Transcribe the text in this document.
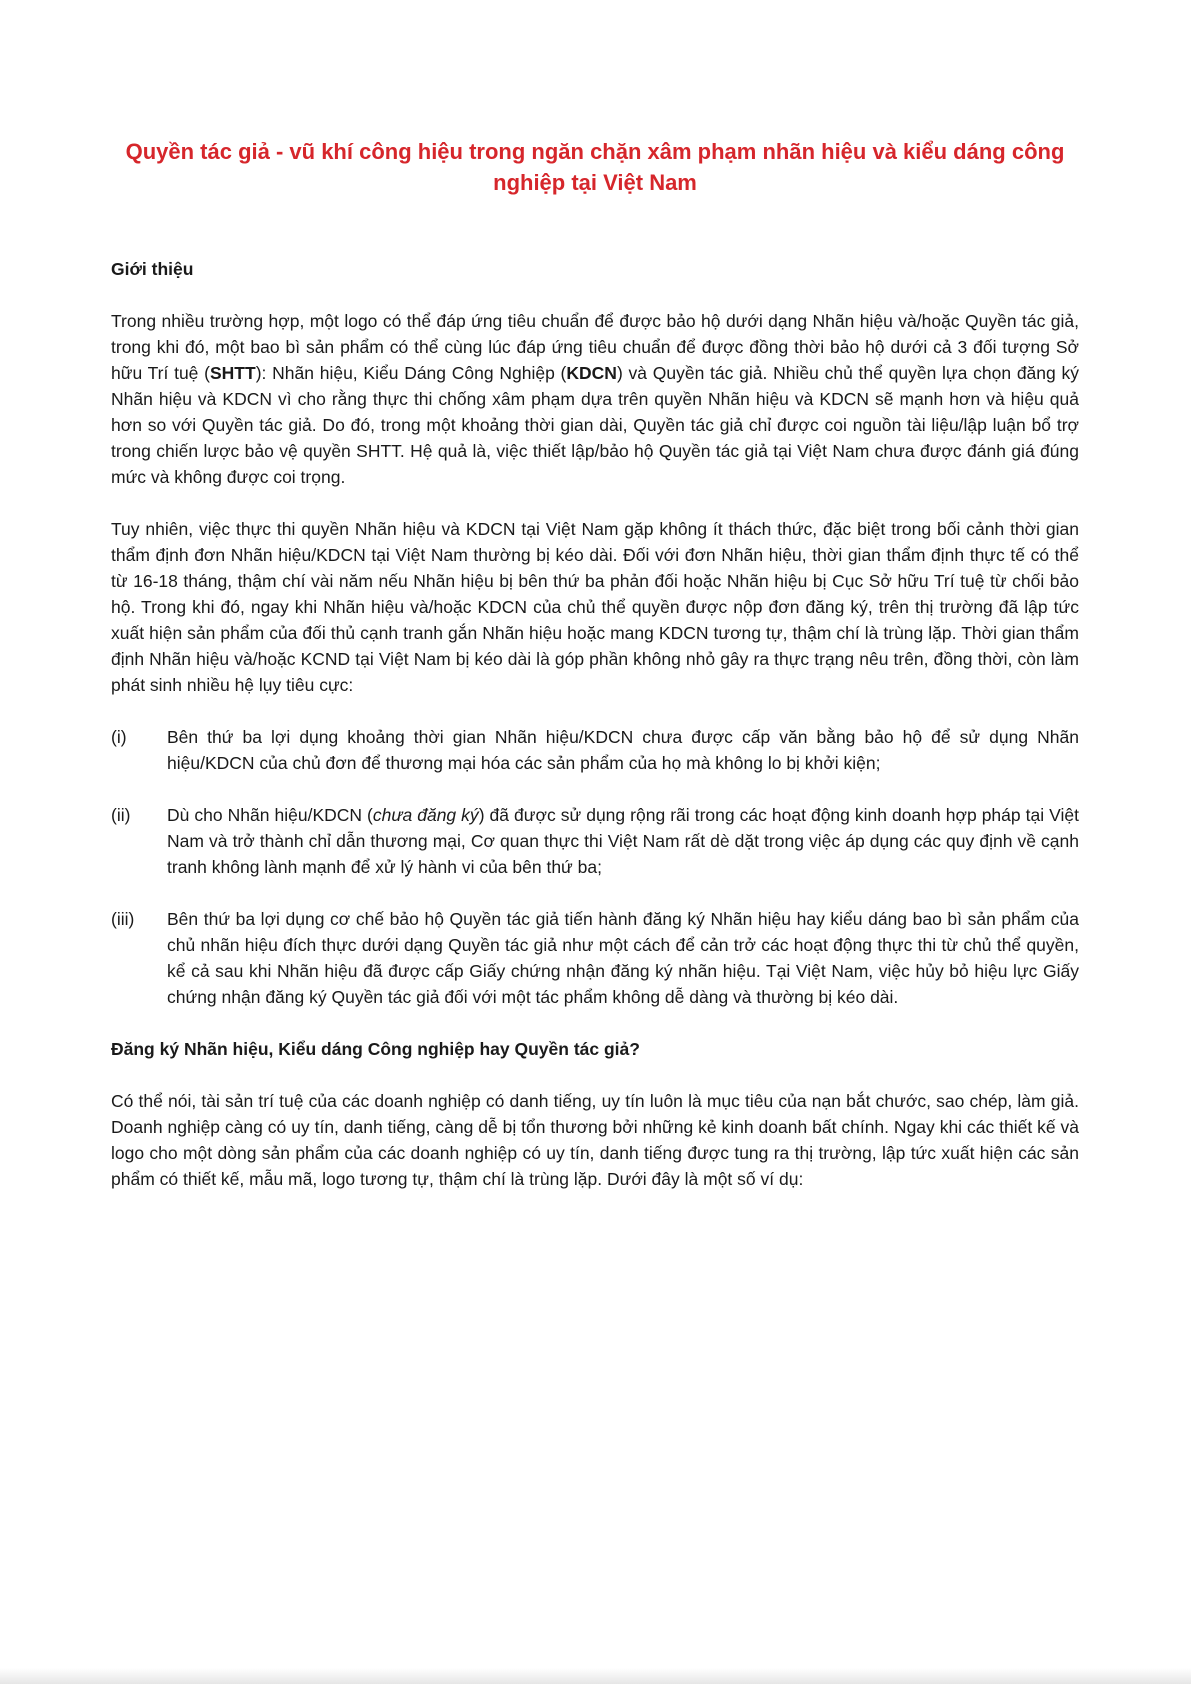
Quyền tác giả - vũ khí công hiệu trong ngăn chặn xâm phạm nhãn hiệu và kiểu dáng công nghiệp tại Việt Nam
Giới thiệu

Trong nhiều trường hợp, một logo có thể đáp ứng tiêu chuẩn để được bảo hộ dưới dạng Nhãn hiệu và/hoặc Quyền tác giả, trong khi đó, một bao bì sản phẩm có thể cùng lúc đáp ứng tiêu chuẩn để được đồng thời bảo hộ dưới cả 3 đối tượng Sở hữu Trí tuệ (SHTT): Nhãn hiệu, Kiểu Dáng Công Nghiệp (KDCN) và Quyền tác giả. Nhiều chủ thể quyền lựa chọn đăng ký Nhãn hiệu và KDCN vì cho rằng thực thi chống xâm phạm dựa trên quyền Nhãn hiệu và KDCN sẽ mạnh hơn và hiệu quả hơn so với Quyền tác giả. Do đó, trong một khoảng thời gian dài, Quyền tác giả chỉ được coi nguồn tài liệu/lập luận bổ trợ trong chiến lược bảo vệ quyền SHTT. Hệ quả là, việc thiết lập/bảo hộ Quyền tác giả tại Việt Nam chưa được đánh giá đúng mức và không được coi trọng.

Tuy nhiên, việc thực thi quyền Nhãn hiệu và KDCN tại Việt Nam gặp không ít thách thức, đặc biệt trong bối cảnh thời gian thẩm định đơn Nhãn hiệu/KDCN tại Việt Nam thường bị kéo dài. Đối với đơn Nhãn hiệu, thời gian thẩm định thực tế có thể từ 16-18 tháng, thậm chí vài năm nếu Nhãn hiệu bị bên thứ ba phản đối hoặc Nhãn hiệu bị Cục Sở hữu Trí tuệ từ chối bảo hộ. Trong khi đó, ngay khi Nhãn hiệu và/hoặc KDCN của chủ thể quyền được nộp đơn đăng ký, trên thị trường đã lập tức xuất hiện sản phẩm của đối thủ cạnh tranh gắn Nhãn hiệu hoặc mang KDCN tương tự, thậm chí là trùng lặp. Thời gian thẩm định Nhãn hiệu và/hoặc KCND tại Việt Nam bị kéo dài là góp phần không nhỏ gây ra thực trạng nêu trên, đồng thời, còn làm phát sinh nhiều hệ lụy tiêu cực:

(i)	Bên thứ ba lợi dụng khoảng thời gian Nhãn hiệu/KDCN chưa được cấp văn bằng bảo hộ để sử dụng Nhãn hiệu/KDCN của chủ đơn để thương mại hóa các sản phẩm của họ mà không lo bị khởi kiện;
(ii)	Dù cho Nhãn hiệu/KDCN (chưa đăng ký) đã được sử dụng rộng rãi trong các hoạt động kinh doanh hợp pháp tại Việt Nam và trở thành chỉ dẫn thương mại, Cơ quan thực thi Việt Nam rất dè dặt trong việc áp dụng các quy định về cạnh tranh không lành mạnh để xử lý hành vi của bên thứ ba;
(iii)	Bên thứ ba lợi dụng cơ chế bảo hộ Quyền tác giả tiến hành đăng ký Nhãn hiệu hay kiểu dáng bao bì sản phẩm của chủ nhãn hiệu đích thực dưới dạng Quyền tác giả như một cách để cản trở các hoạt động thực thi từ chủ thể quyền, kể cả sau khi Nhãn hiệu đã được cấp Giấy chứng nhận đăng ký nhãn hiệu. Tại Việt Nam, việc hủy bỏ hiệu lực Giấy chứng nhận đăng ký Quyền tác giả đối với một tác phẩm không dễ dàng và thường bị kéo dài.
Đăng ký Nhãn hiệu, Kiểu dáng Công nghiệp hay Quyền tác giả?

Có thể nói, tài sản trí tuệ của các doanh nghiệp có danh tiếng, uy tín luôn là mục tiêu của nạn bắt chước, sao chép, làm giả. Doanh nghiệp càng có uy tín, danh tiếng, càng dễ bị tổn thương bởi những kẻ kinh doanh bất chính. Ngay khi các thiết kế và logo cho một dòng sản phẩm của các doanh nghiệp có uy tín, danh tiếng được tung ra thị trường, lập tức xuất hiện các sản phẩm có thiết kế, mẫu mã, logo tương tự, thậm chí là trùng lặp. Dưới đây là một số ví dụ:
